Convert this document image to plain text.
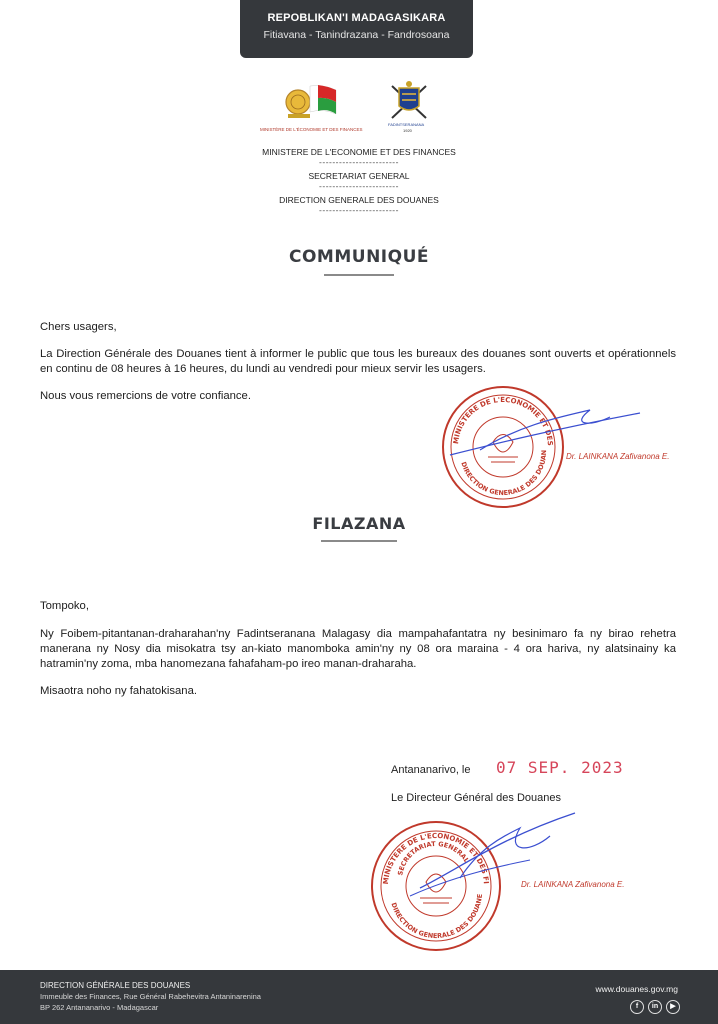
REPOBLIKAN'I MADAGASIKARA
Fitiavana - Tanindrazana - Fandrosoana
MINISTÈRE DE L'ÉCONOMIE ET DES FINANCES
FADINTSERANANA
1920
MINISTERE DE L'ECONOMIE ET DES FINANCES
------------------------
SECRETARIAT GENERAL
------------------------
DIRECTION GENERALE DES DOUANES
------------------------
COMMUNIQUÉ
Chers usagers,
La Direction Générale des Douanes tient à informer le public que tous les bureaux des douanes sont ouverts et opérationnels en continu de 08 heures à 16 heures, du lundi au vendredi pour mieux servir les usagers.
Nous vous remercions de votre confiance.
MINISTERE DE L'ECONOMIE ET DES
DIRECTION GENERALE DES DOUAN Dr. LAINKANA Zafivanona E.
FILAZANA
Tompoko,
Ny Foibem-pitantanan-draharahan'ny Fadintseranana Malagasy dia mampahafantatra ny besinimaro fa ny birao rehetra manerana ny Nosy dia misokatra tsy an-kiato manomboka amin'ny ny 08 ora maraina - 4 ora hariva, ny alatsinainy ka hatramin'ny zoma, mba hanomezana fahafaham-po ireo manan-draharaha.
Misaotra noho ny fahatokisana.
Antananarivo, le 07 SEP. 2023
Le Directeur Général des Douanes
MINISTERE DE L'ECONOMIE ET DES FI
SECRETARIAT GENERAL
DIRECTION GENERALE DES DOUANE
Dr. LAINKANA Zafivanona E.
DIRECTION GÉNÉRALE DES DOUANES
Immeuble des Finances, Rue Général Rabehevitra Antaninarenina
BP 262 Antananarivo - Madagascar
www.douanes.gov.mg
f	in	▶
